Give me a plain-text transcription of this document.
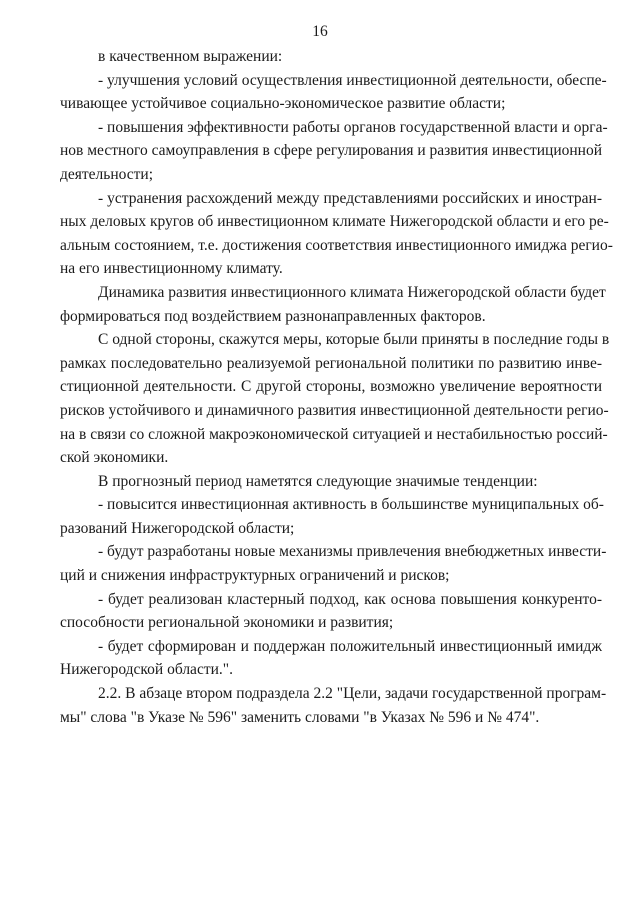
16
в качественном выражении:
- улучшения условий осуществления инвестиционной деятельности, обеспе-
чивающее устойчивое социально-экономическое развитие области;
- повышения эффективности работы органов государственной власти и орга-
нов местного самоуправления в сфере регулирования и развития инвестиционной
деятельности;
- устранения расхождений между представлениями российских и иностран-
ных деловых кругов об инвестиционном климате Нижегородской области и его ре-
альным состоянием, т.е. достижения соответствия инвестиционного имиджа регио-
на его инвестиционному климату.
Динамика развития инвестиционного климата Нижегородской области будет
формироваться под воздействием разнонаправленных факторов.
С одной стороны, скажутся меры, которые были приняты в последние годы в
рамках последовательно реализуемой региональной политики по развитию инве-
стиционной деятельности. С другой стороны, возможно увеличение вероятности
рисков устойчивого и динамичного развития инвестиционной деятельности регио-
на в связи со сложной макроэкономической ситуацией и нестабильностью россий-
ской экономики.
В прогнозный период наметятся следующие значимые тенденции:
- повысится инвестиционная активность в большинстве муниципальных об-
разований Нижегородской области;
- будут разработаны новые механизмы привлечения внебюджетных инвести-
ций и снижения инфраструктурных ограничений и рисков;
- будет реализован кластерный подход, как основа повышения конкуренто-
способности региональной экономики и развития;
- будет сформирован и поддержан положительный инвестиционный имидж
Нижегородской области.".
2.2. В абзаце втором подраздела 2.2 "Цели, задачи государственной програм-
мы" слова "в Указе № 596" заменить словами "в Указах № 596 и № 474".
